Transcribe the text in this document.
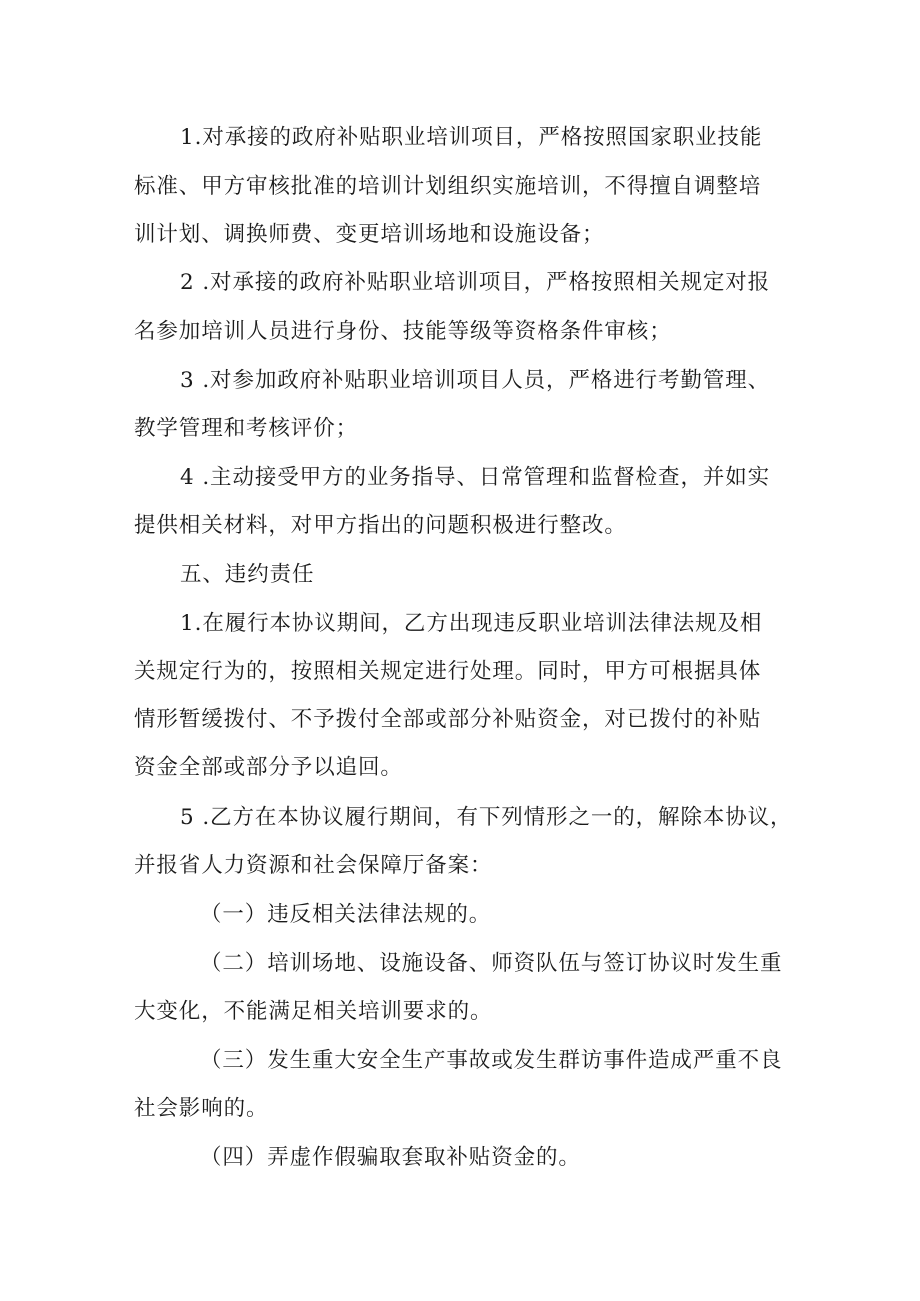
1.对承接的政府补贴职业培训项目，严格按照国家职业技能
标准、甲方审核批准的培训计划组织实施培训，不得擅自调整培
训计划、调换师费、变更培训场地和设施设备；
2 .对承接的政府补贴职业培训项目，严格按照相关规定对报
名参加培训人员进行身份、技能等级等资格条件审核；
3 .对参加政府补贴职业培训项目人员，严格进行考勤管理、
教学管理和考核评价；
4 .主动接受甲方的业务指导、日常管理和监督检查，并如实
提供相关材料，对甲方指出的问题积极进行整改。
五、违约责任
1.在履行本协议期间，乙方出现违反职业培训法律法规及相
关规定行为的，按照相关规定进行处理。同时，甲方可根据具体
情形暂缓拨付、不予拨付全部或部分补贴资金，对已拨付的补贴
资金全部或部分予以追回。
5 .乙方在本协议履行期间，有下列情形之一的，解除本协议，
并报省人力资源和社会保障厅备案：
（一）违反相关法律法规的。
（二）培训场地、设施设备、师资队伍与签订协议时发生重
大变化，不能满足相关培训要求的。
（三）发生重大安全生产事故或发生群访事件造成严重不良
社会影响的。
（四）弄虚作假骗取套取补贴资金的。
